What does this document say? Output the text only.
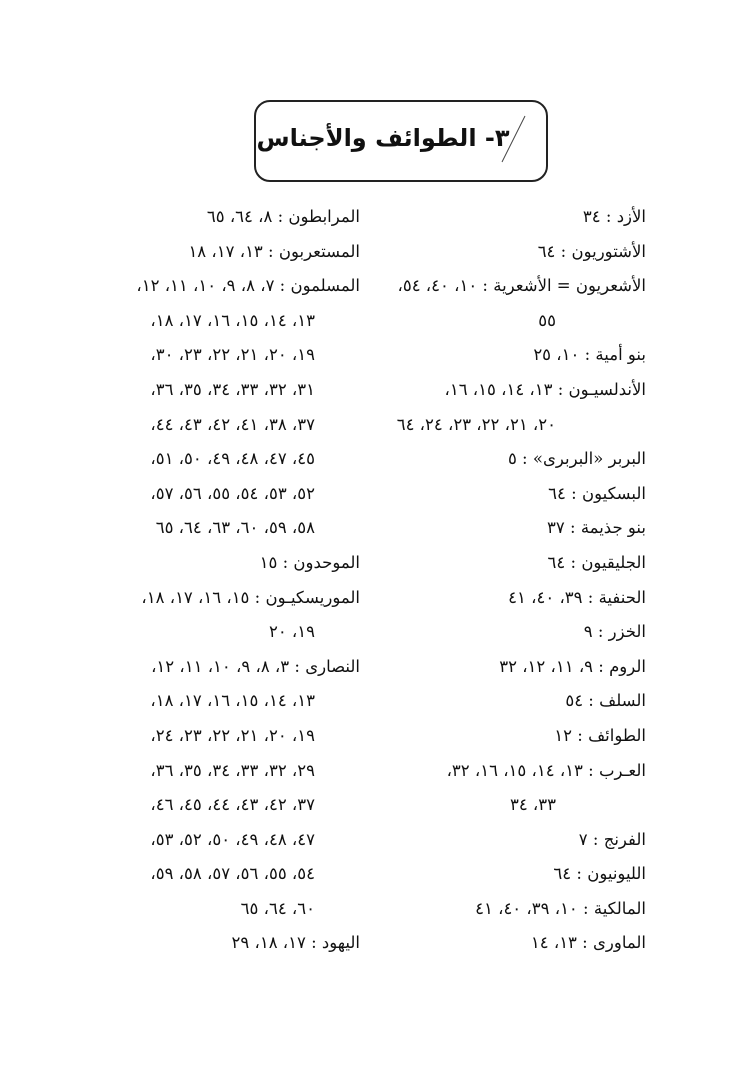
٣- الطوائف والأجناس
الأزد : ٣٤
الأشتوريون : ٦٤
الأشعريون = الأشعرية : ١٠، ٤٠، ٥٤،
٥٥
بنو أمية : ١٠، ٢٥
الأندلسيـون : ١٣، ١٤، ١٥، ١٦،
٢٠، ٢١، ٢٢، ٢٣، ٢٤، ٦٤
البربر «البربرى» : ٥
البسكيون : ٦٤
بنو جذيمة : ٣٧
الجليقيون : ٦٤
الحنفية : ٣٩، ٤٠، ٤١
الخزر : ٩
الروم : ٩، ١١، ١٢، ٣٢
السلف : ٥٤
الطوائف : ١٢
العـرب : ١٣، ١٤، ١٥، ١٦، ٣٢،
٣٣، ٣٤
الفرنج : ٧
الليونيون : ٦٤
المالكية : ١٠، ٣٩، ٤٠، ٤١
الماورى : ١٣، ١٤
المرابطون : ٨، ٦٤، ٦٥
المستعربون : ١٣، ١٧، ١٨
المسلمون : ٧، ٨، ٩، ١٠، ١١، ١٢،
١٣، ١٤، ١٥، ١٦، ١٧، ١٨،
١٩، ٢٠، ٢١، ٢٢، ٢٣، ٣٠،
٣١، ٣٢، ٣٣، ٣٤، ٣٥، ٣٦،
٣٧، ٣٨، ٤١، ٤٢، ٤٣، ٤٤،
٤٥، ٤٧، ٤٨، ٤٩، ٥٠، ٥١،
٥٢، ٥٣، ٥٤، ٥٥، ٥٦، ٥٧،
٥٨، ٥٩، ٦٠، ٦٣، ٦٤، ٦٥
الموحدون : ١٥
الموريسكيـون : ١٥، ١٦، ١٧، ١٨،
١٩، ٢٠
النصارى : ٣، ٨، ٩، ١٠، ١١، ١٢،
١٣، ١٤، ١٥، ١٦، ١٧، ١٨،
١٩، ٢٠، ٢١، ٢٢، ٢٣، ٢٤،
٢٩، ٣٢، ٣٣، ٣٤، ٣٥، ٣٦،
٣٧، ٤٢، ٤٣، ٤٤، ٤٥، ٤٦،
٤٧، ٤٨، ٤٩، ٥٠، ٥٢، ٥٣،
٥٤، ٥٥، ٥٦، ٥٧، ٥٨، ٥٩،
٦٠، ٦٤، ٦٥
اليهود : ١٧، ١٨، ٢٩
